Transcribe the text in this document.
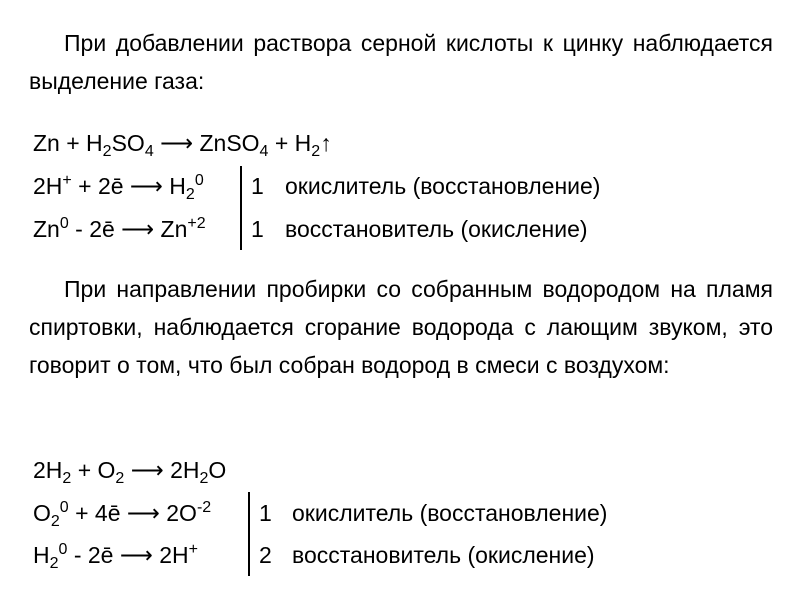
При добавлении раствора серной кислоты к цинку наблюдается выделение газа:
$Zn + H_2SO_4$ ⟶ ZnSO$_4$ + $H_2↑$
2H+ + 2ē ⟶ $H_2^0$
Zn$^0$ - 2ē ⟶ $Zn^{+2}$
1 окислитель (восстановление)
1 восстановитель (окисление)
При направлении пробирки со собранным водородом на пламя спиртовки, наблюдается сгорание водорода с лающим звуком, это говорит о том, что был собран водород в смеси с воздухом:
$2H_2 + O_2$ ⟶ $2H_2O$
$O_2^0$ + 4ē ⟶ $2O^{-2}$
$H_2^0$ - 2ē ⟶ 2H+
1 окислитель (восстановление)
2 восстановитель (окисление)
